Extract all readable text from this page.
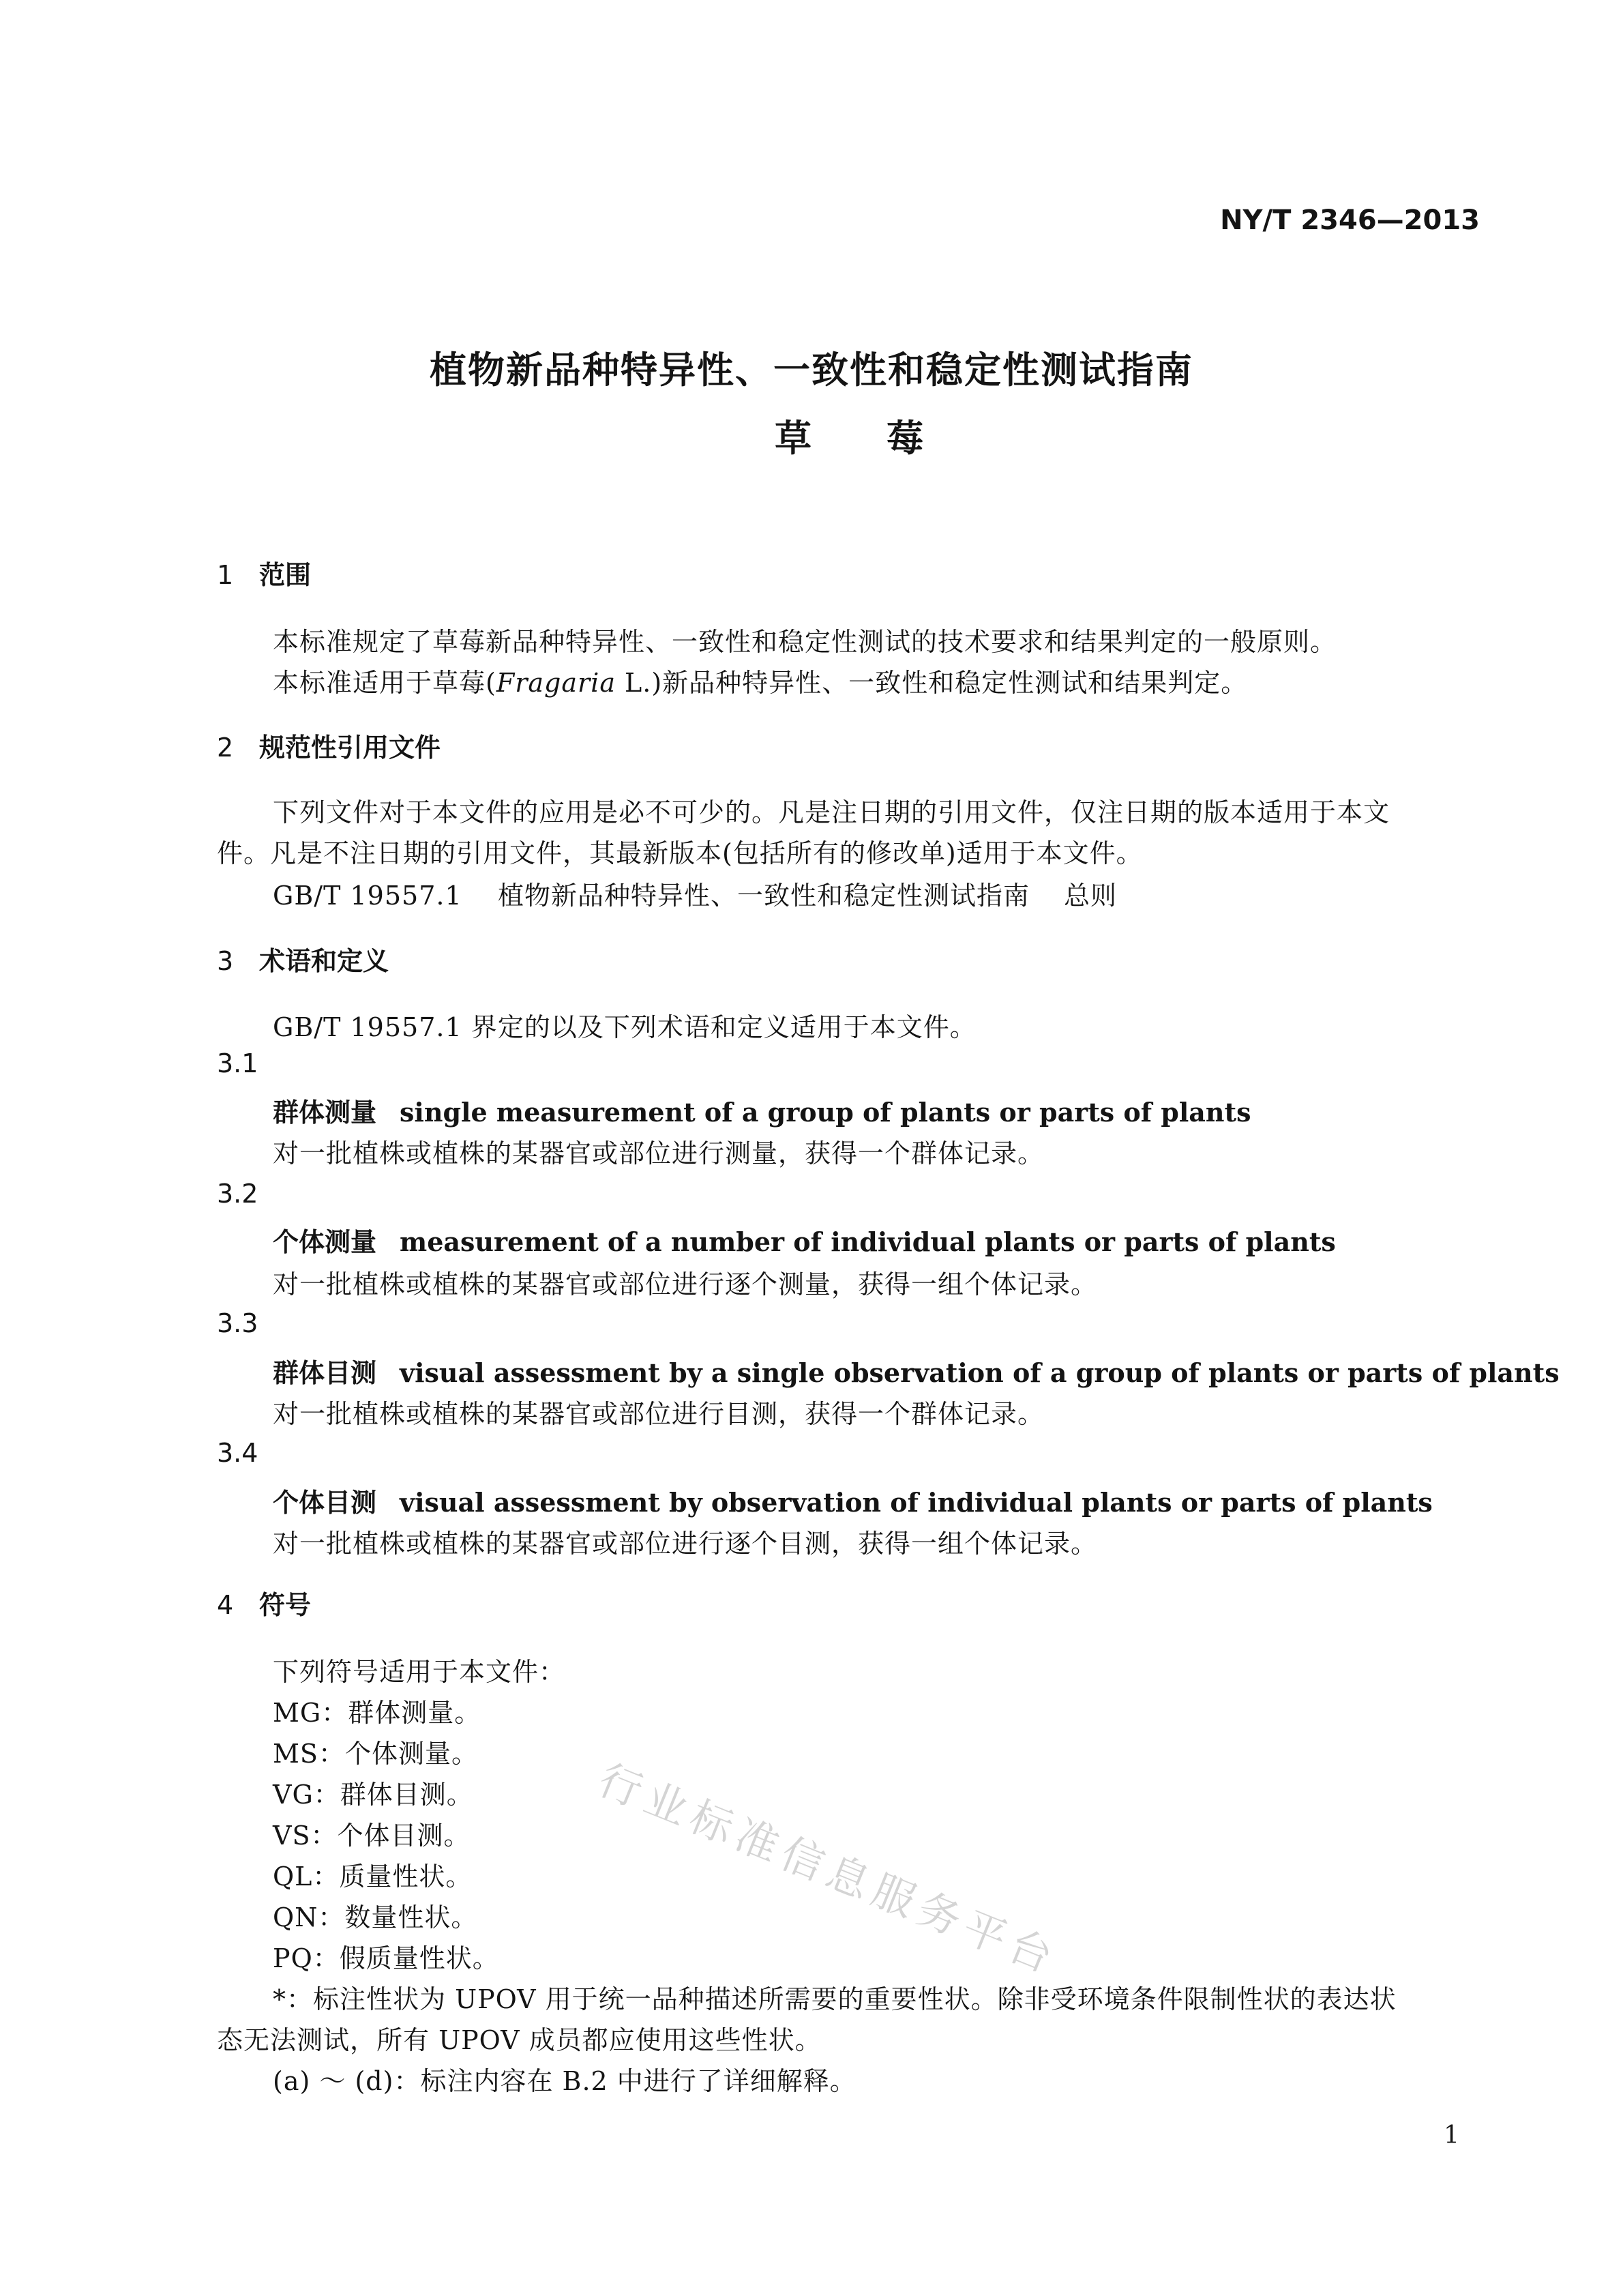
NY/T 2346—2013
植物新品种特异性、一致性和稳定性测试指南
草莓
1 范围
本标准规定了草莓新品种特异性、一致性和稳定性测试的技术要求和结果判定的一般原则。
本标准适用于草莓(Fragaria L.)新品种特异性、一致性和稳定性测试和结果判定。
2 规范性引用文件
下列文件对于本文件的应用是必不可少的。凡是注日期的引用文件，仅注日期的版本适用于本文
件。凡是不注日期的引用文件，其最新版本(包括所有的修改单)适用于本文件。
GB/T 19557.1 植物新品种特异性、一致性和稳定性测试指南 总则
3 术语和定义
GB/T 19557.1 界定的以及下列术语和定义适用于本文件。
3.1
群体测量 single measurement of a group of plants or parts of plants
对一批植株或植株的某器官或部位进行测量，获得一个群体记录。
3.2
个体测量 measurement of a number of individual plants or parts of plants
对一批植株或植株的某器官或部位进行逐个测量，获得一组个体记录。
3.3
群体目测 visual assessment by a single observation of a group of plants or parts of plants
对一批植株或植株的某器官或部位进行目测，获得一个群体记录。
3.4
个体目测 visual assessment by observation of individual plants or parts of plants
对一批植株或植株的某器官或部位进行逐个目测，获得一组个体记录。
4 符号
下列符号适用于本文件：
MG：群体测量。
MS：个体测量。
VG：群体目测。
VS：个体目测。
QL：质量性状。
QN：数量性状。
PQ：假质量性状。
*：标注性状为 UPOV 用于统一品种描述所需要的重要性状。除非受环境条件限制性状的表达状
态无法测试，所有 UPOV 成员都应使用这些性状。
(a) ～ (d)：标注内容在 B.2 中进行了详细解释。
行业标准信息服务平台
1
